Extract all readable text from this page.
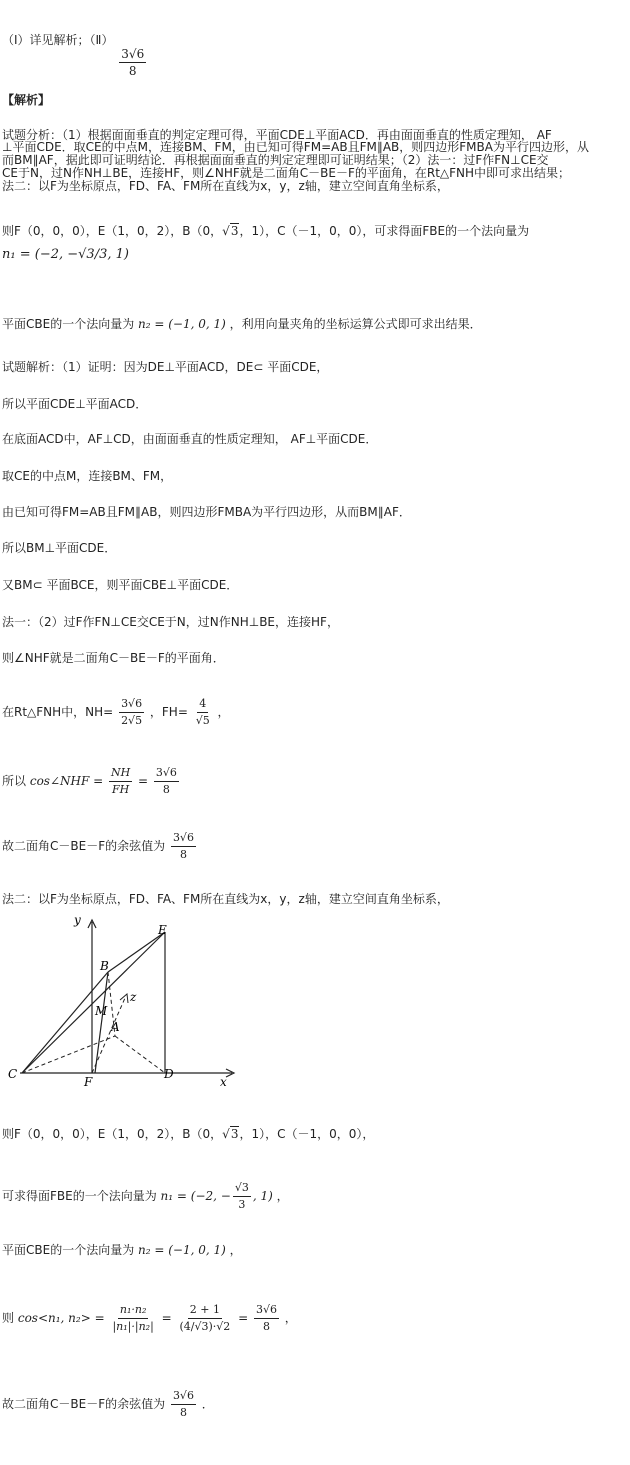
（Ⅰ）详见解析；（Ⅱ）
$\frac{3√6}{8}$
【解析】
试题分析：（1）根据面面垂直的判定定理可得，平面CDE⊥平面ACD．再由面面垂直的性质定理知， AF
⊥平面CDE．取CE的中点M，连接BM、FM，由已知可得FM=AB且FM∥AB，则四边形FMBA为平行四边形，从
而BM∥AF，据此即可证明结论．再根据面面垂直的判定定理即可证明结果；（2）法一：过F作FN⊥CE交
CE于N，过N作NH⊥BE，连接HF，则∠NHF就是二面角C－BE－F的平面角，在Rt△FNH中即可求出结果；
法二：以F为坐标原点，FD、FA、FM所在直线为x，y，z轴，建立空间直角坐标系，
则F（0，0，0），E（1，0，2），B（0，√3，1），C（－1，0，0），可求得面FBE的一个法向量为
n₁ = (−2, −√3/3, 1)
平面CBE的一个法向量为 n₂ = (−1, 0, 1) ，利用向量夹角的坐标运算公式即可求出结果．
试题解析：（1）证明：因为DE⊥平面ACD，DE⊂ 平面CDE，
所以平面CDE⊥平面ACD．
在底面ACD中，AF⊥CD，由面面垂直的性质定理知， AF⊥平面CDE．
取CE的中点M，连接BM、FM，
由已知可得FM=AB且FM∥AB，则四边形FMBA为平行四边形，从而BM∥AF．
所以BM⊥平面CDE．
又BM⊂ 平面BCE，则平面CBE⊥平面CDE．
法一：（2）过F作FN⊥CE交CE于N，过N作NH⊥BE，连接HF，
则∠NHF就是二面角C－BE－F的平面角．
在Rt△FNH中，$NH= \frac{3√6}{2√5}$ ，$FH= \frac{4}{√5}$ ，
所以 cos∠NHF = $\frac{NH}{FH} = \frac{3√6}{8}$
故二面角C－BE－F的余弦值为 $\frac{3√6}{8}$
法二：以F为坐标原点，FD、FA、FM所在直线为x，y，z轴，建立空间直角坐标系，
y
E
B
z
M
A
C
F
D
x
则F（0，0，0），E（1，0，2），B（0，√3，1），C（－1，0，0），
可求得面FBE的一个法向量为 n₁ = (−2, − $\frac{√3}{3}$ , 1) ，
平面CBE的一个法向量为 n₂ = (−1, 0, 1) ，
则 cos<n₁, $n_2> = \frac{\text{n₁·n₂}}{\text{|n₁|·|n₂|}} = \frac{2 + 1}{(4/√3)\cdot√2} = \frac{3√6}{8}$ ，
故二面角C－BE－F的余弦值为 $\frac{3√6}{8}$ ．
